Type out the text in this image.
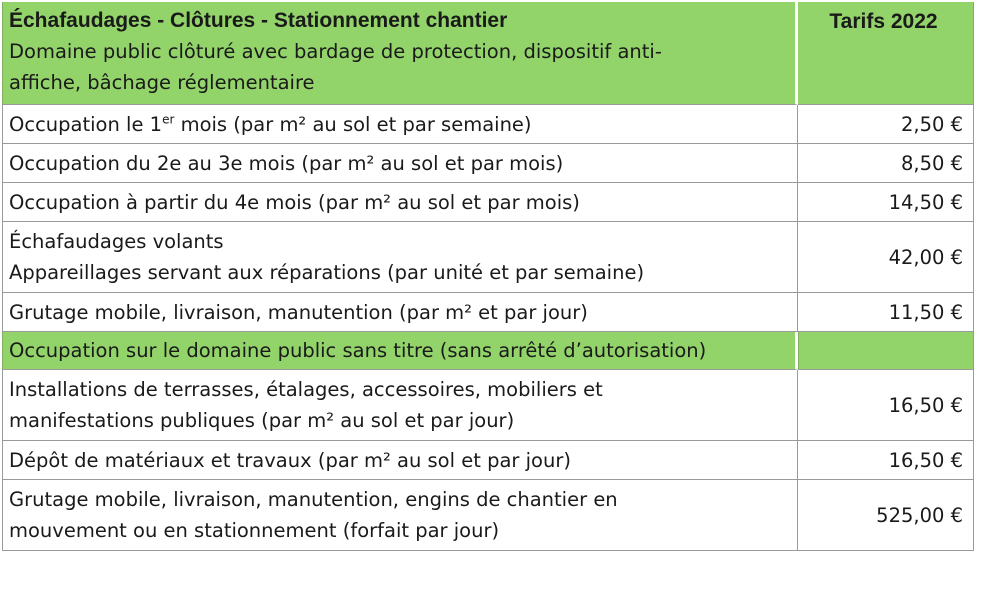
Échafaudages - Clôtures - Stationnement chantier
Domaine public clôturé avec bardage de protection, dispositif anti-
affiche, bâchage réglementaire	Tarifs 2022
Occupation le 1er mois (par m² au sol et par semaine)	2,50 €
Occupation du 2e au 3e mois (par m² au sol et par mois)	8,50 €
Occupation à partir du 4e mois (par m² au sol et par mois)	14,50 €

Échafaudages volants
Appareillages servant aux réparations (par unité et par semaine)	42,00 €
Grutage mobile, livraison, manutention (par m² et par jour)	11,50 €
Occupation sur le domaine public sans titre (sans arrêté d’autorisation)	

Installations de terrasses, étalages, accessoires, mobiliers et
manifestations publiques (par m² au sol et par jour)	16,50 €
Dépôt de matériaux et travaux (par m² au sol et par jour)	16,50 €

Grutage mobile, livraison, manutention, engins de chantier en
mouvement ou en stationnement (forfait par jour)	525,00 €
